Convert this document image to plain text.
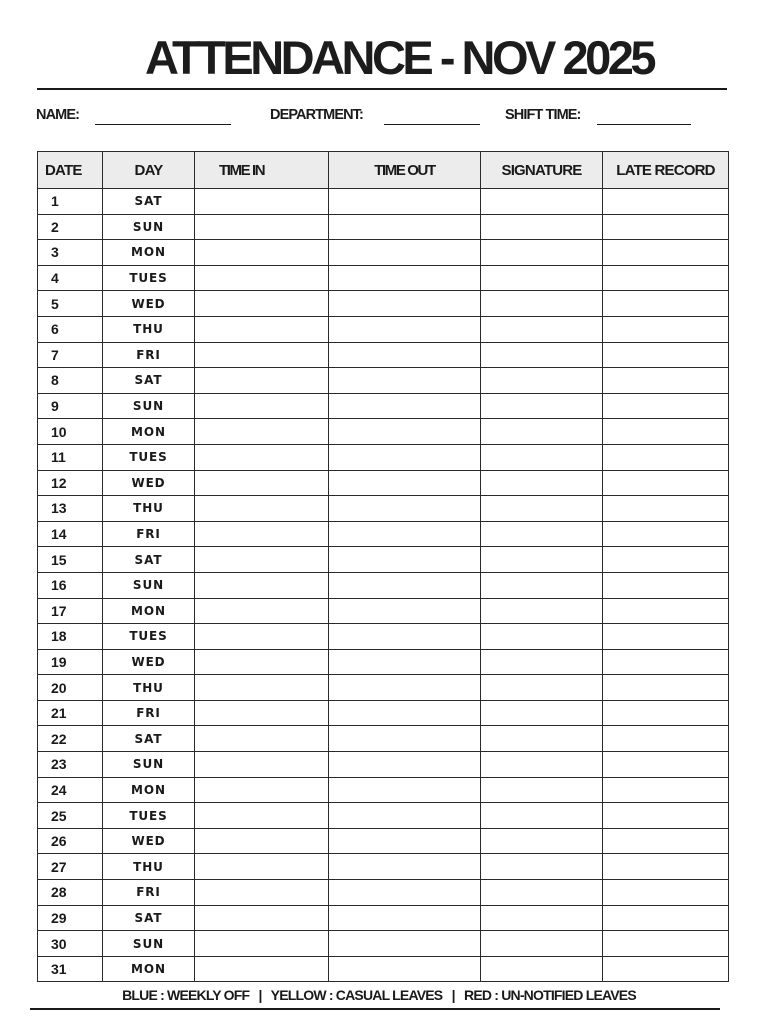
ATTENDANCE - NOV 2025
NAME:	DEPARTMENT:	SHIFT TIME:
DATE	DAY	TIME IN	TIME OUT	SIGNATURE	LATE RECORD
1	SAT				
2	SUN				
3	MON				
4	TUES				
5	WED				
6	THU				
7	FRI				
8	SAT				
9	SUN				
10	MON				
11	TUES				
12	WED				
13	THU				
14	FRI				
15	SAT				
16	SUN				
17	MON				
18	TUES				
19	WED				
20	THU				
21	FRI				
22	SAT				
23	SUN				
24	MON				
25	TUES				
26	WED				
27	THU				
28	FRI				
29	SAT				
30	SUN				
31	MON				
BLUE : WEEKLY OFF   |   YELLOW : CASUAL LEAVES   |   RED : UN-NOTIFIED LEAVES
